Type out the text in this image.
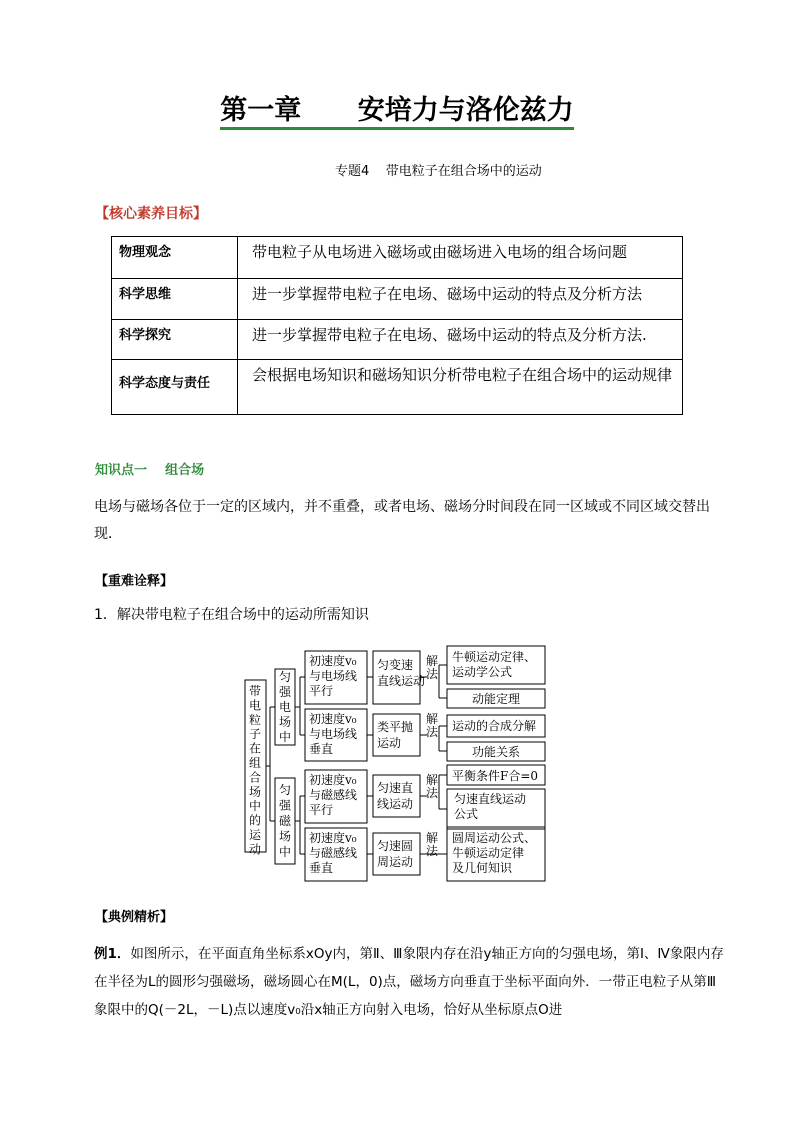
第一章      安培力与洛伦兹力
专题4    带电粒子在组合场中的运动
【核心素养目标】
物理观念	带电粒子从电场进入磁场或由磁场进入电场的组合场问题
科学思维	进一步掌握带电粒子在电场、磁场中运动的特点及分析方法
科学探究	进一步掌握带电粒子在电场、磁场中运动的特点及分析方法.
科学态度与责任	会根据电场知识和磁场知识分析带电粒子在组合场中的运动规律
知识点一    组合场
电场与磁场各位于一定的区域内，并不重叠，或者电场、磁场分时间段在同一区域或不同区域交替出现．
【重难诠释】
1．解决带电粒子在组合场中的运动所需知识
带
电
粒
子
在
组
合
场
中
的
运
动
匀
强
电
场
中
匀
强
磁
场
中
初速度v₀
与电场线
平行
匀变速
直线运动
初速度v₀
与电场线
垂直
类平抛
运动
初速度v₀
与磁感线
平行
匀速直
线运动
初速度v₀
与磁感线
垂直
匀速圆
周运动
解
法
解
法
解
法
解
法
牛顿运动定律、
运动学公式
动能定理
运动的合成分解
功能关系
平衡条件F合=0
匀速直线运动
公式
圆周运动公式、
牛顿运动定律
及几何知识
【典例精析】
例1．如图所示，在平面直角坐标系xOy内，第Ⅱ、Ⅲ象限内存在沿y轴正方向的匀强电场，第Ⅰ、Ⅳ象限内存在半径为L的圆形匀强磁场，磁场圆心在M(L，0)点，磁场方向垂直于坐标平面向外．一带正电粒子从第Ⅲ象限中的Q(－2L，－L)点以速度v₀沿x轴正方向射入电场，恰好从坐标原点O进
